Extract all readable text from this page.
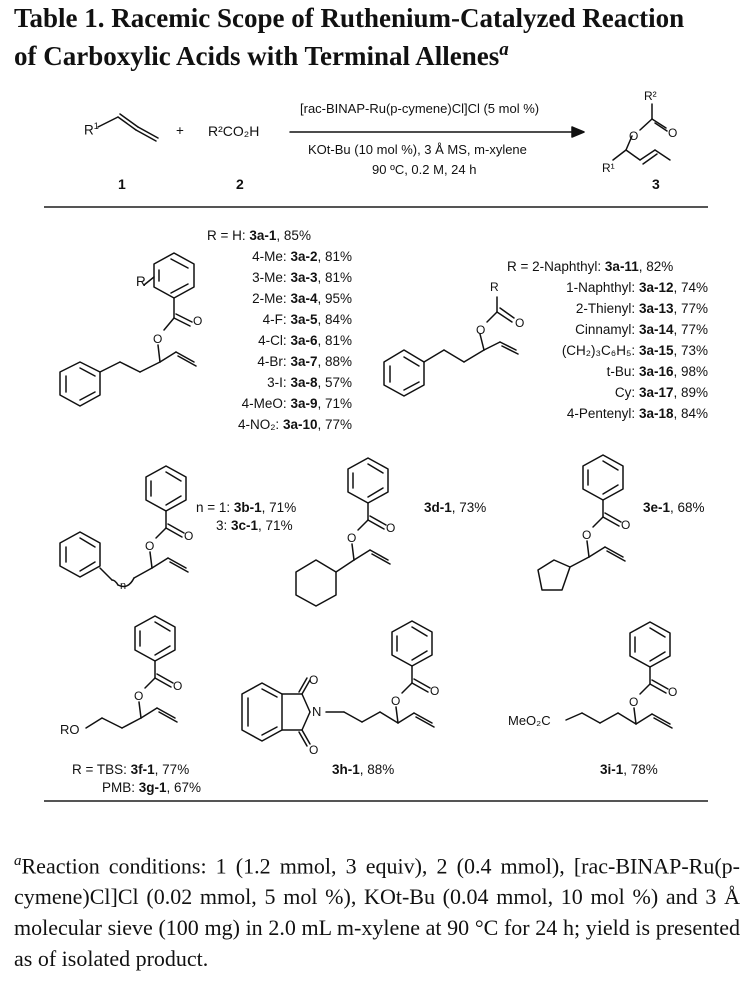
Table 1. Racemic Scope of Ruthenium-Catalyzed Reaction
of Carboxylic Acids with Terminal Allenes$^a$
$R^1$	+ R²CO₂H
[rac-BINAP-Ru(p-cymene)Cl]Cl (5 mol %)
KOt-Bu (10 mol %), 3 Å MS, m-xylene
90 ºC, 0.2 M, 24 h
R²
O O
R¹
1	2	3
R
O
O
R = H: 3a-1, 85%
4-Me: 3a-2, 81%
3-Me: 3a-3, 81%
2-Me: 3a-4, 95%
4-F: 3a-5, 84%
4-Cl: 3a-6, 81%
4-Br: 3a-7, 88%
3-I: 3a-8, 57%
4-MeO: 3a-9, 71%
4-NO₂: 3a-10, 77%
R
O O
R = 2-Naphthyl: 3a-11, 82%
1-Naphthyl: 3a-12, 74%
2-Thienyl: 3a-13, 77%
Cinnamyl: 3a-14, 77%
(CH₂)₃C₆H₅: 3a-15, 73%
t-Bu: 3a-16, 98%
Cy: 3a-17, 89%
4-Pentenyl: 3a-18, 84%
O
O
n
n = 1: 3b-1, 71%
3: 3c-1, 71%
O
O
3d-1, 73%
O
O
3e-1, 68%
O
O
RO
R = TBS: 3f-1, 77%
PMB: 3g-1, 67%
O
O
O
O
N
3h-1, 88%
O
O
MeO₂C
3i-1, 78%
$^a$Reaction conditions: 1 (1.2 mmol, 3 equiv), 2 (0.4 mmol), [rac-BINAP-Ru(p-cymene)Cl]Cl (0.02 mmol, 5 mol %), KOt-Bu (0.04 mmol, 10 mol %) and 3 Å molecular sieve (100 mg) in 2.0 mL m-xylene at 90 °C for 24 h; yield is presented as of isolated product.
